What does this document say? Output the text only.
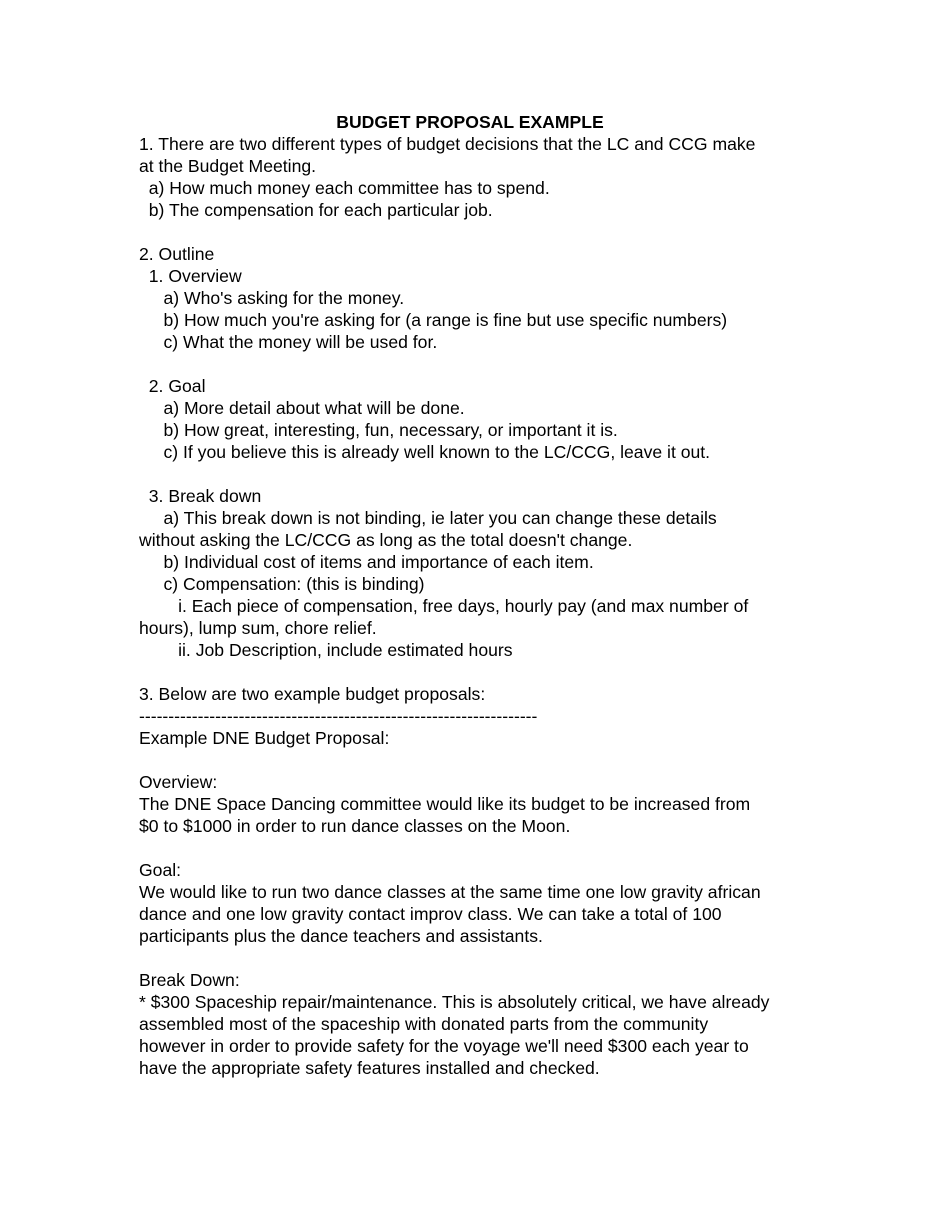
BUDGET PROPOSAL EXAMPLE
1. There are two different types of budget decisions that the LC and CCG make
at the Budget Meeting.
a) How much money each committee has to spend.
b) The compensation for each particular job.
2. Outline
1. Overview
a) Who's asking for the money.
b) How much you're asking for (a range is fine but use specific numbers)
c) What the money will be used for.
2. Goal
a) More detail about what will be done.
b) How great, interesting, fun, necessary, or important it is.
c) If you believe this is already well known to the LC/CCG, leave it out.
3. Break down
a) This break down is not binding, ie later you can change these details
without asking the LC/CCG as long as the total doesn't change.
b) Individual cost of items and importance of each item.
c) Compensation: (this is binding)
i. Each piece of compensation, free days, hourly pay (and max number of
hours), lump sum, chore relief.
ii. Job Description, include estimated hours
3. Below are two example budget proposals:
--------------------------------------------------------------------
Example DNE Budget Proposal:
Overview:
The DNE Space Dancing committee would like its budget to be increased from
$0 to $1000 in order to run dance classes on the Moon.
Goal:
We would like to run two dance classes at the same time one low gravity african
dance and one low gravity contact improv class. We can take a total of 100
participants plus the dance teachers and assistants.
Break Down:
* $300 Spaceship repair/maintenance. This is absolutely critical, we have already
assembled most of the spaceship with donated parts from the community
however in order to provide safety for the voyage we'll need $300 each year to
have the appropriate safety features installed and checked.
